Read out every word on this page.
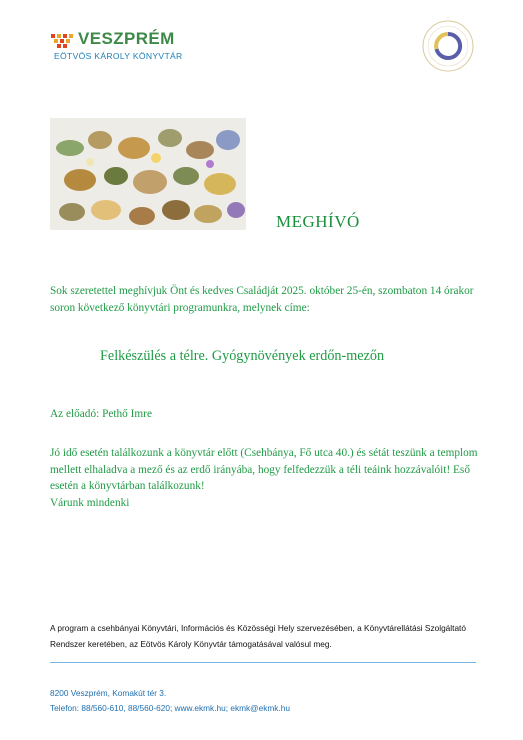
VESZPRÉM
EÖTVÖS KÁROLY KÖNYVTÁR
MEGHÍVÓ
Sok szeretettel meghívjuk Önt és kedves Családját 2025. október 25-én, szombaton 14 órakor soron következő könyvtári programunkra, melynek címe:
Felkészülés a télre. Gyógynövények erdőn-mezőn
Az előadó: Pethő Imre
Jó idő esetén találkozunk a könyvtár előtt (Csehbánya, Fő utca 40.) és sétát teszünk a templom mellett elhaladva a mező és az erdő irányába, hogy felfedezzük a téli teáink hozzávalóit! Eső esetén a könyvtárban találkozunk!
Várunk mindenki
A program a csehbányai Könyvtári, Információs és Közösségi Hely szervezésében, a Könyvtárellátási Szolgáltató Rendszer keretében, az Eötvös Károly Könyvtár támogatásával valósul meg.
8200 Veszprém, Komakút tér 3.
Telefon: 88/560-610, 88/560-620; www.ekmk.hu; ekmk@ekmk.hu
